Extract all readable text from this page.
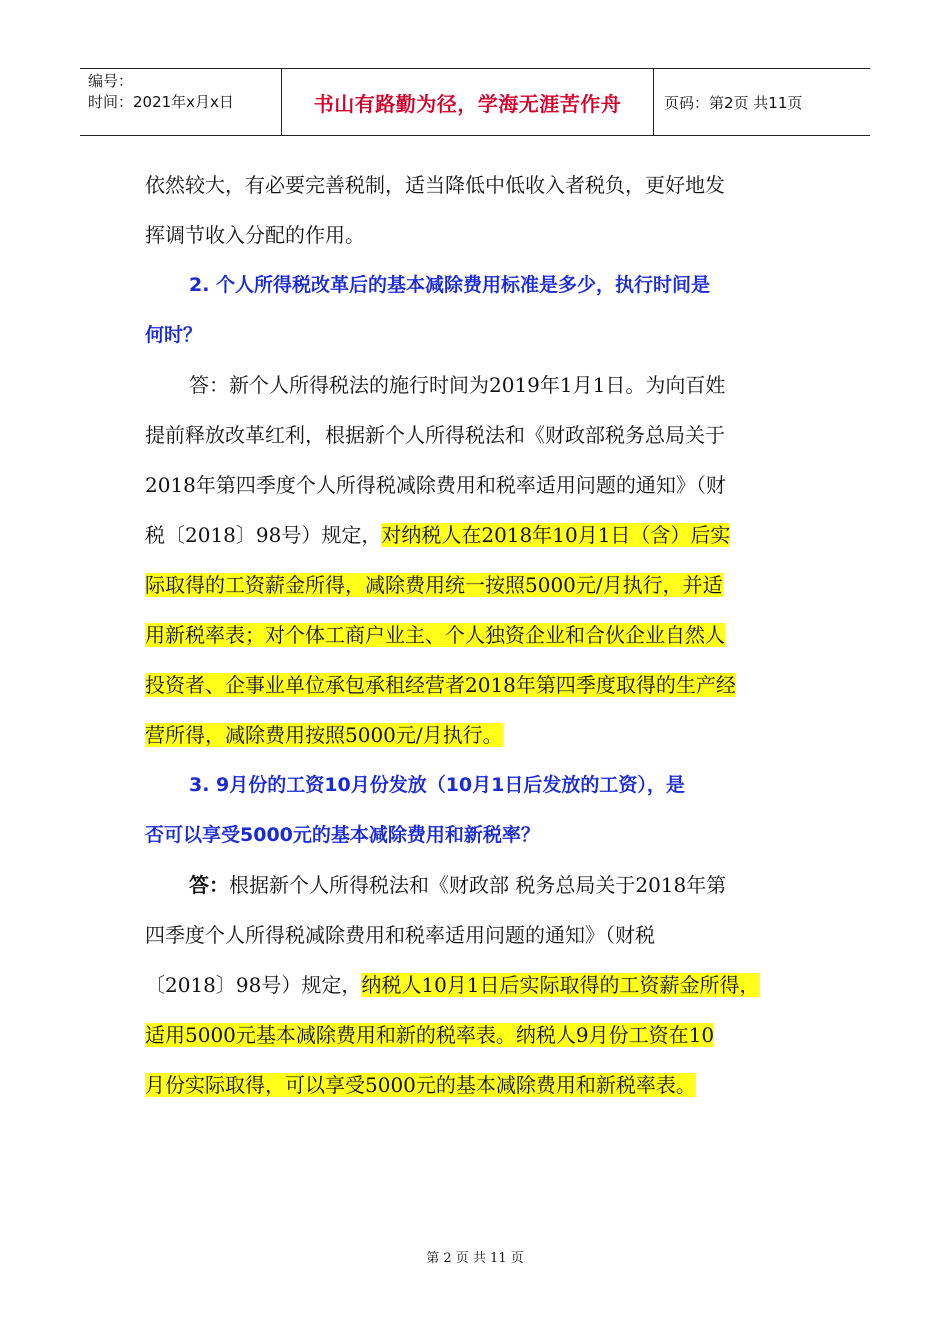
编号：
时间：2021年x月x日	书山有路勤为径，学海无涯苦作舟	页码：第2页 共11页
依然较大，有必要完善税制，适当降低中低收入者税负，更好地发
挥调节收入分配的作用。
2. 个人所得税改革后的基本减除费用标准是多少，执行时间是
何时？
答：新个人所得税法的施行时间为2019年1月1日。为向百姓
提前释放改革红利，根据新个人所得税法和《财政部税务总局关于
2018年第四季度个人所得税减除费用和税率适用问题的通知》（财
税〔2018〕98号）规定，对纳税人在2018年10月1日（含）后实
际取得的工资薪金所得，减除费用统一按照5000元/月执行，并适
用新税率表；对个体工商户业主、个人独资企业和合伙企业自然人
投资者、企事业单位承包承租经营者2018年第四季度取得的生产经
营所得，减除费用按照5000元/月执行。
3. 9月份的工资10月份发放（10月1日后发放的工资），是
否可以享受5000元的基本减除费用和新税率？
答：根据新个人所得税法和《财政部 税务总局关于2018年第
四季度个人所得税减除费用和税率适用问题的通知》（财税
〔2018〕98号）规定，纳税人10月1日后实际取得的工资薪金所得，
适用5000元基本减除费用和新的税率表。纳税人9月份工资在10
月份实际取得，可以享受5000元的基本减除费用和新税率表。
第 2 页 共 11 页
